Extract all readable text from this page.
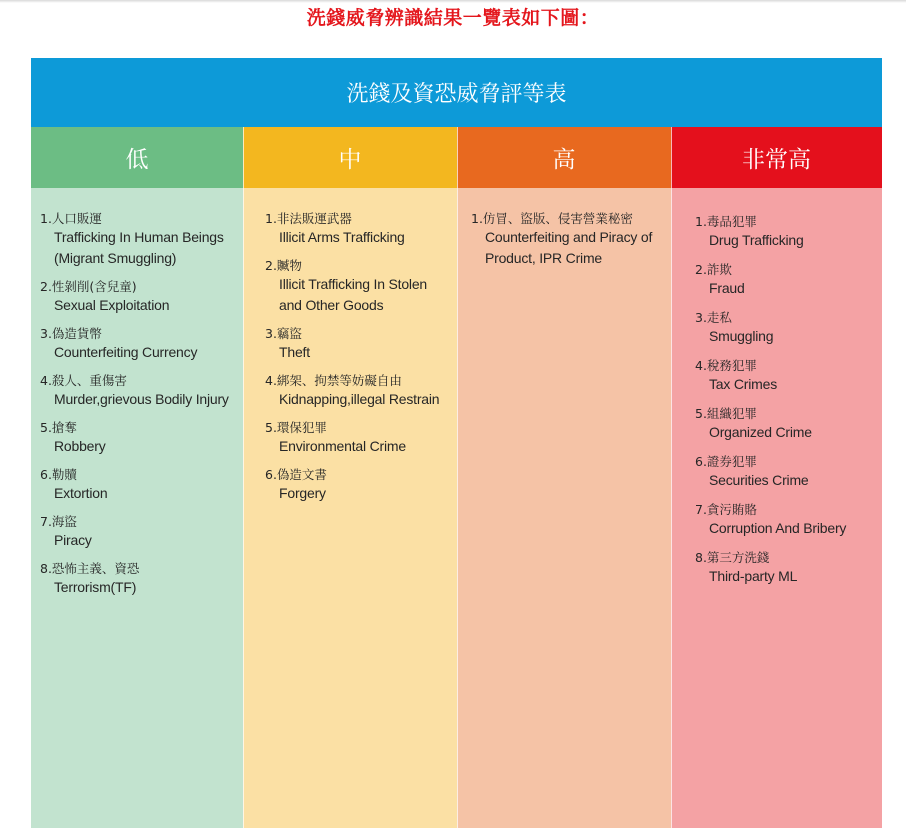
洗錢威脅辨識結果一覽表如下圖：
洗錢及資恐威脅評等表
低
1.人口販運
Trafficking In Human Beings (Migrant Smuggling)
2.性剝削(含兒童)
Sexual Exploitation
3.偽造貨幣
Counterfeiting Currency
4.殺人、重傷害
Murder,grievous Bodily Injury
5.搶奪
Robbery
6.勒贖
Extortion
7.海盜
Piracy
8.恐怖主義、資恐
Terrorism(TF)
中
1.非法販運武器
Illicit Arms Trafficking
2.贓物
Illicit Trafficking In Stolen and Other Goods
3.竊盜
Theft
4.綁架、拘禁等妨礙自由
Kidnapping,illegal Restrain
5.環保犯罪
Environmental Crime
6.偽造文書
Forgery
高
1.仿冒、盜版、侵害營業秘密
Counterfeiting and Piracy of Product, IPR Crime
非常高
1.毒品犯罪
Drug Trafficking
2.詐欺
Fraud
3.走私
Smuggling
4.稅務犯罪
Tax Crimes
5.組織犯罪
Organized Crime
6.證券犯罪
Securities Crime
7.貪污賄賂
Corruption And Bribery
8.第三方洗錢
Third-party ML
